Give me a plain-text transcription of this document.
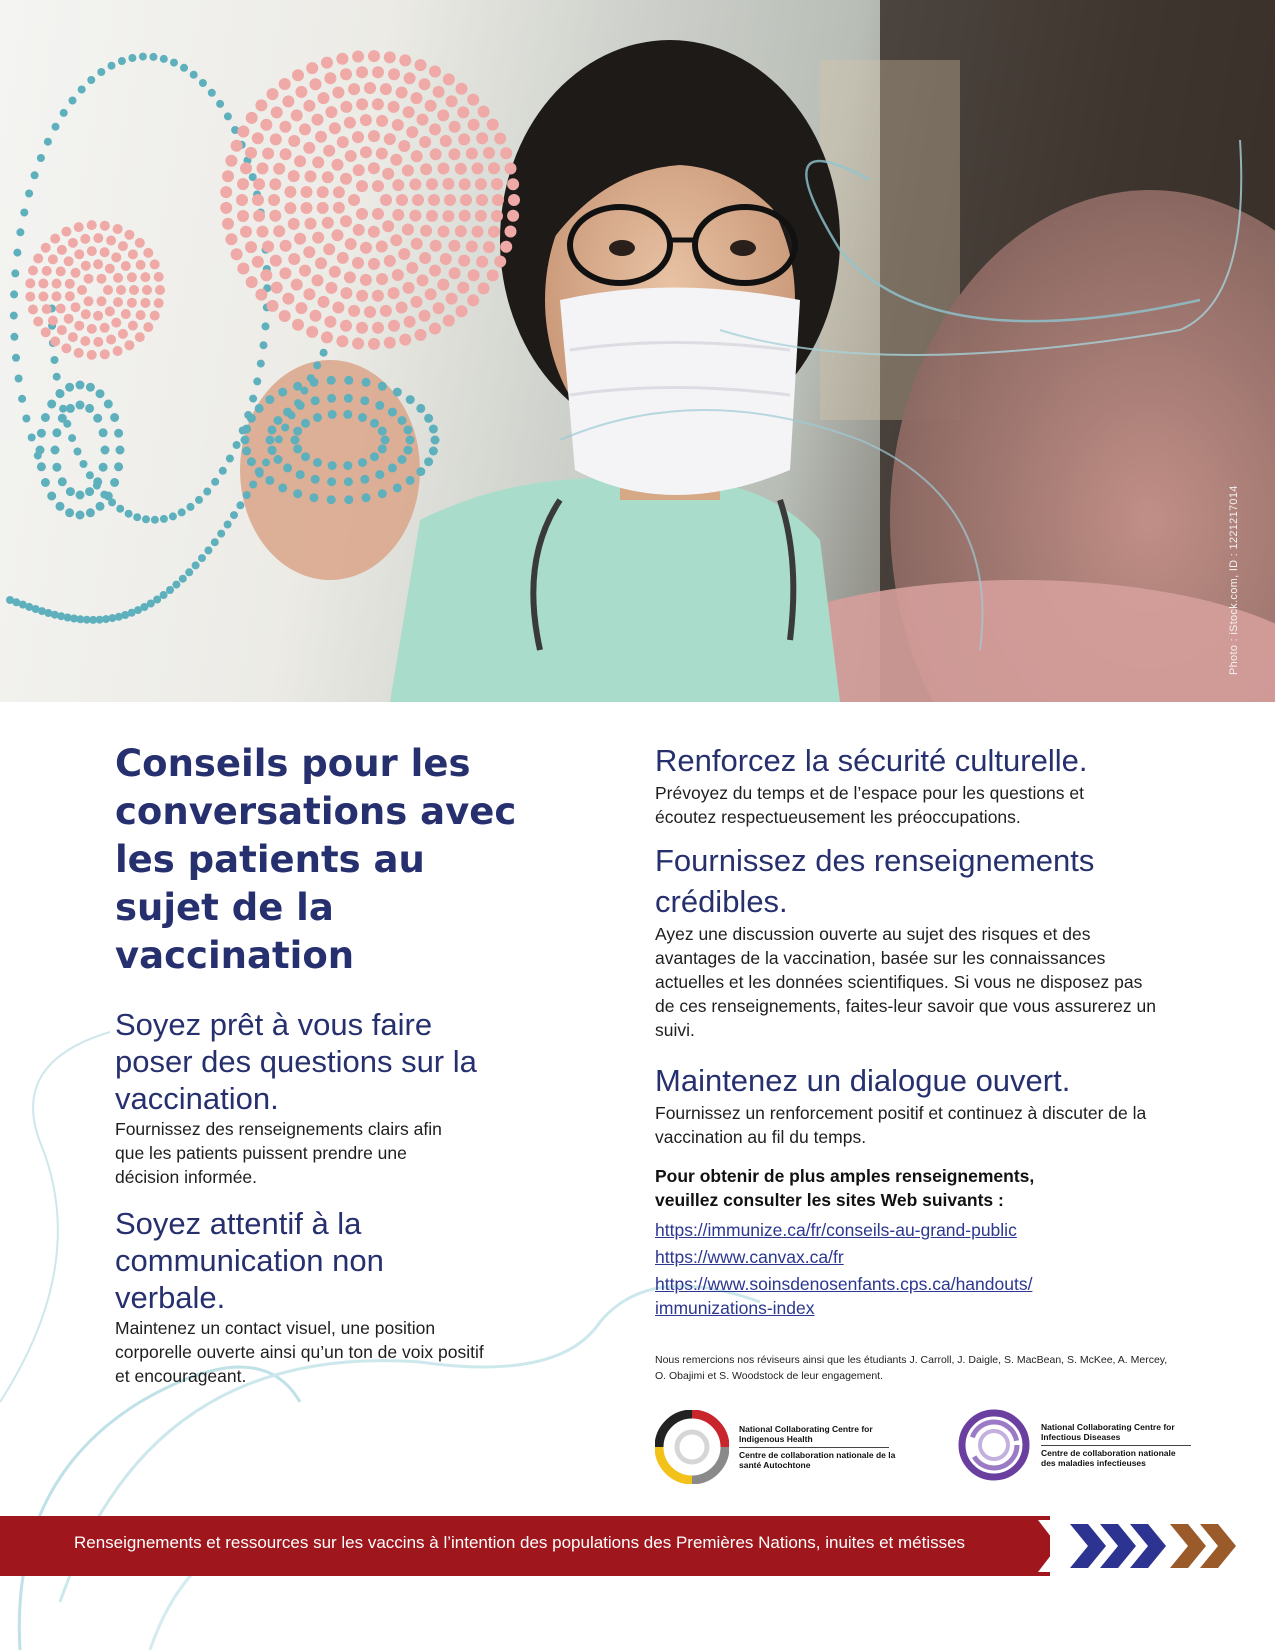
Photo : iStock.com, ID : 1221217014
Conseils pour les conversations avec les patients au sujet de la vaccination
Soyez prêt à vous faire poser des questions sur la vaccination.

Fournissez des renseignements clairs afin que les patients puissent prendre une décision informée.

Soyez attentif à la communication non verbale.

Maintenez un contact visuel, une position corporelle ouverte ainsi qu’un ton de voix positif et encourageant.

Renforcez la sécurité culturelle.

Prévoyez du temps et de l’espace pour les questions et écoutez respectueusement les préoccupations.

Fournissez des renseignements crédibles.

Ayez une discussion ouverte au sujet des risques et des avantages de la vaccination, basée sur les connaissances actuelles et les données scientifiques. Si vous ne disposez pas de ces renseignements, faites-leur savoir que vous assurerez un suivi.

Maintenez un dialogue ouvert.

Fournissez un renforcement positif et continuez à discuter de la vaccination au fil du temps.

Pour obtenir de plus amples renseignements, veuillez consulter les sites Web suivants :

https://immunize.ca/fr/conseils-au-grand-public
https://www.canvax.ca/fr
https://www.soinsdenosenfants.cps.ca/handouts/ immunizations-index

Nous remercions nos réviseurs ainsi que les étudiants J. Carroll, J. Daigle, S. MacBean, S. McKee, A. Mercey, O. Obajimi et S. Woodstock de leur engagement.

National Collaborating Centre for Indigenous Health
Centre de collaboration nationale de la santé Autochtone
National Collaborating Centre for Infectious Diseases
Centre de collaboration nationale des maladies infectieuses

Renseignements et ressources sur les vaccins à l’intention des populations des Premières Nations, inuites et métisses
